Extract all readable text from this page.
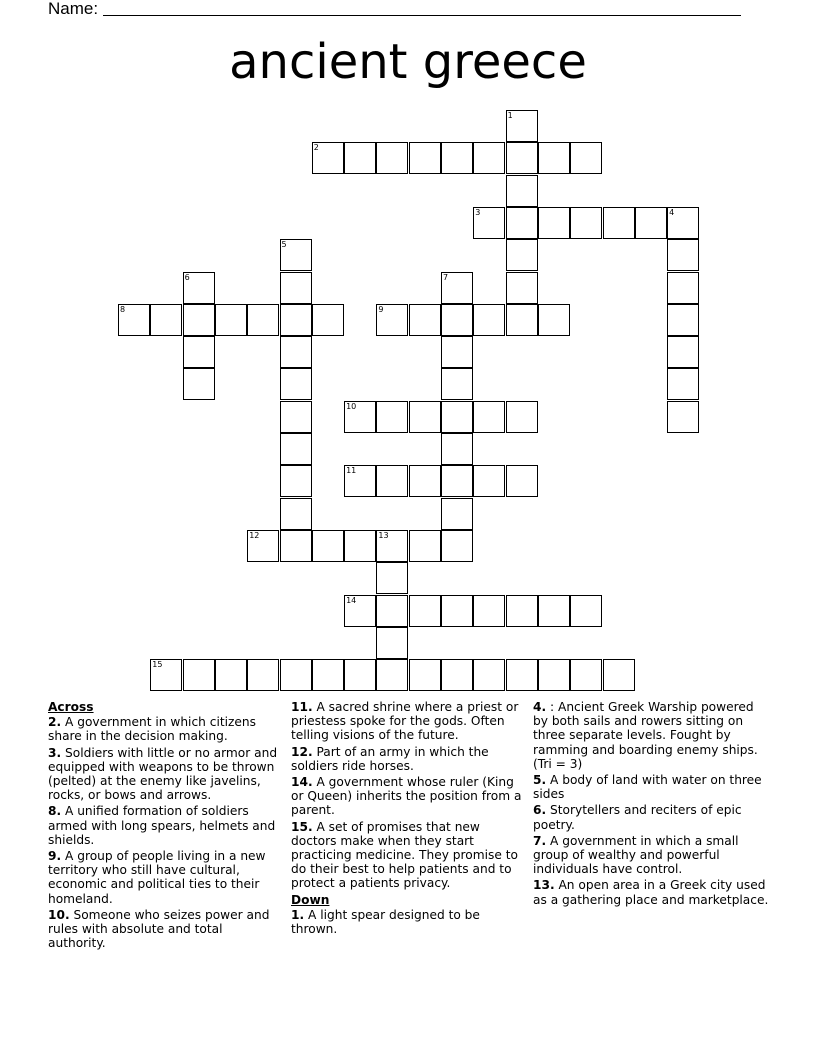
Name:
ancient greece
1
2
3	4
5
6	7
8	9
10
11
12	13
14
15
Across
2. A government in which citizens share in the decision making.
3. Soldiers with little or no armor and equipped with weapons to be thrown (pelted) at the enemy like javelins, rocks, or bows and arrows.
8. A unified formation of soldiers armed with long spears, helmets and shields.
9. A group of people living in a new territory who still have cultural, economic and political ties to their homeland.
10. Someone who seizes power and rules with absolute and total authority.
11. A sacred shrine where a priest or priestess spoke for the gods. Often telling visions of the future.
12. Part of an army in which the soldiers ride horses.
14. A government whose ruler (King or Queen) inherits the position from a parent.
15. A set of promises that new doctors make when they start practicing medicine. They promise to do their best to help patients and to protect a patients privacy.
Down
1. A light spear designed to be thrown.
4. : Ancient Greek Warship powered by both sails and rowers sitting on three separate levels. Fought by ramming and boarding enemy ships. (Tri = 3)
5. A body of land with water on three sides
6. Storytellers and reciters of epic poetry.
7. A government in which a small group of wealthy and powerful individuals have control.
13. An open area in a Greek city used as a gathering place and marketplace.
